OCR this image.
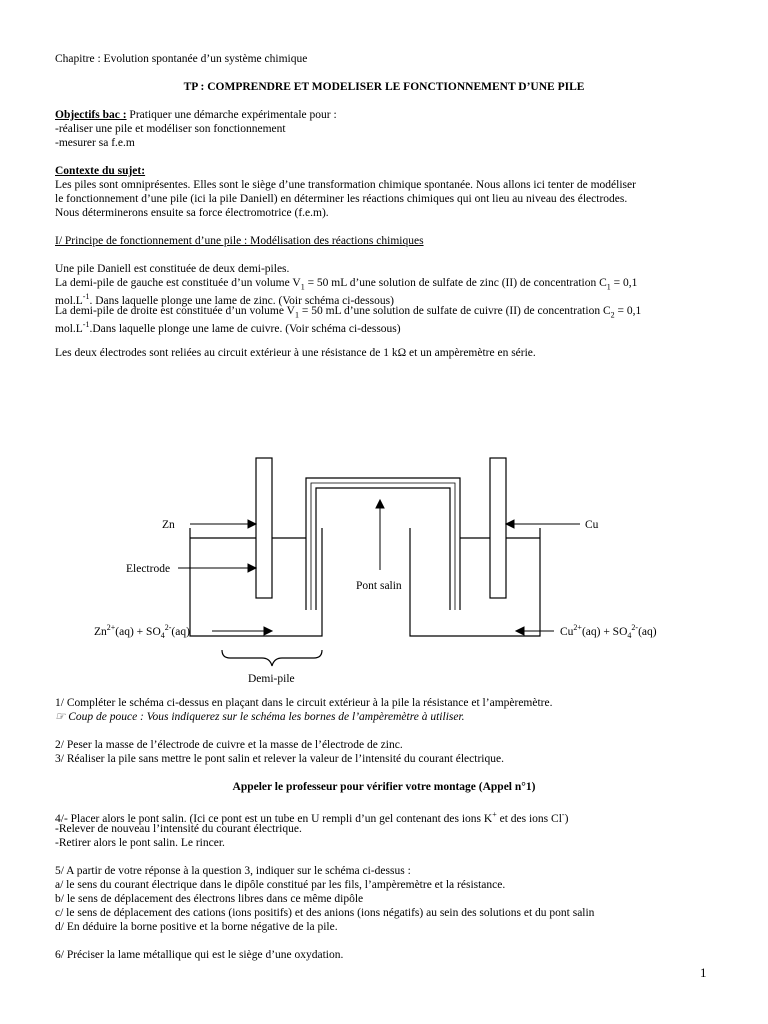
Chapitre : Evolution spontanée d’un système chimique
TP : COMPRENDRE ET MODELISER LE FONCTIONNEMENT D’UNE PILE
Objectifs bac : Pratiquer une démarche expérimentale pour :
-réaliser une pile et modéliser son fonctionnement
-mesurer sa f.e.m
Contexte du sujet:
Les piles sont omniprésentes. Elles sont le siège d’une transformation chimique spontanée. Nous allons ici tenter de modéliser
le fonctionnement d’une pile (ici la pile Daniell) en déterminer les réactions chimiques qui ont lieu au niveau des électrodes.
Nous déterminerons ensuite sa force électromotrice (f.e.m).
I/ Principe de fonctionnement d’une pile : Modélisation des réactions chimiques
Une pile Daniell est constituée de deux demi-piles.
La demi-pile de gauche est constituée d’un volume $V_1 = 50$ mL d’une solution de sulfate de zinc (II) de concentration $C_1 = 0,1$
$mol.L^{-1}$. Dans laquelle plonge une lame de zinc. (Voir schéma ci-dessous)
La demi-pile de droite est constituée d’un volume $V_1 = 50$ mL d’une solution de sulfate de cuivre (II) de concentration $C_2 = 0,1$
$mol.L^{-1}.Dans$ laquelle plonge une lame de cuivre. (Voir schéma ci-dessous)
Les deux électrodes sont reliées au circuit extérieur à une résistance de 1 kΩ et un ampèremètre en série.
Zn	Cu
Electrode
Pont salin
$Zn^{2+}(aq) + SO_4^{2-}(aq)$	$Cu^{2+}(aq) + SO_4^{2-}(aq)$
Demi-pile
1/ Compléter le schéma ci-dessus en plaçant dans le circuit extérieur à la pile la résistance et l’ampèremètre.
☞ Coup de pouce : Vous indiquerez sur le schéma les bornes de l’ampèremètre à utiliser.
2/ Peser la masse de l’électrode de cuivre et la masse de l’électrode de zinc.
3/ Réaliser la pile sans mettre le pont salin et relever la valeur de l’intensité du courant électrique.
Appeler le professeur pour vérifier votre montage (Appel n°1)
4/- Placer alors le pont salin. (Ici ce pont est un tube en U rempli d’un gel contenant des ions K+ et des ions Cl-)
-Relever de nouveau l’intensité du courant électrique.
-Retirer alors le pont salin. Le rincer.
5/ A partir de votre réponse à la question 3, indiquer sur le schéma ci-dessus :
a/ le sens du courant électrique dans le dipôle constitué par les fils, l’ampèremètre et la résistance.
b/ le sens de déplacement des électrons libres dans ce même dipôle
c/ le sens de déplacement des cations (ions positifs) et des anions (ions négatifs) au sein des solutions et du pont salin
d/ En déduire la borne positive et la borne négative de la pile.
6/ Préciser la lame métallique qui est le siège d’une oxydation.
1
